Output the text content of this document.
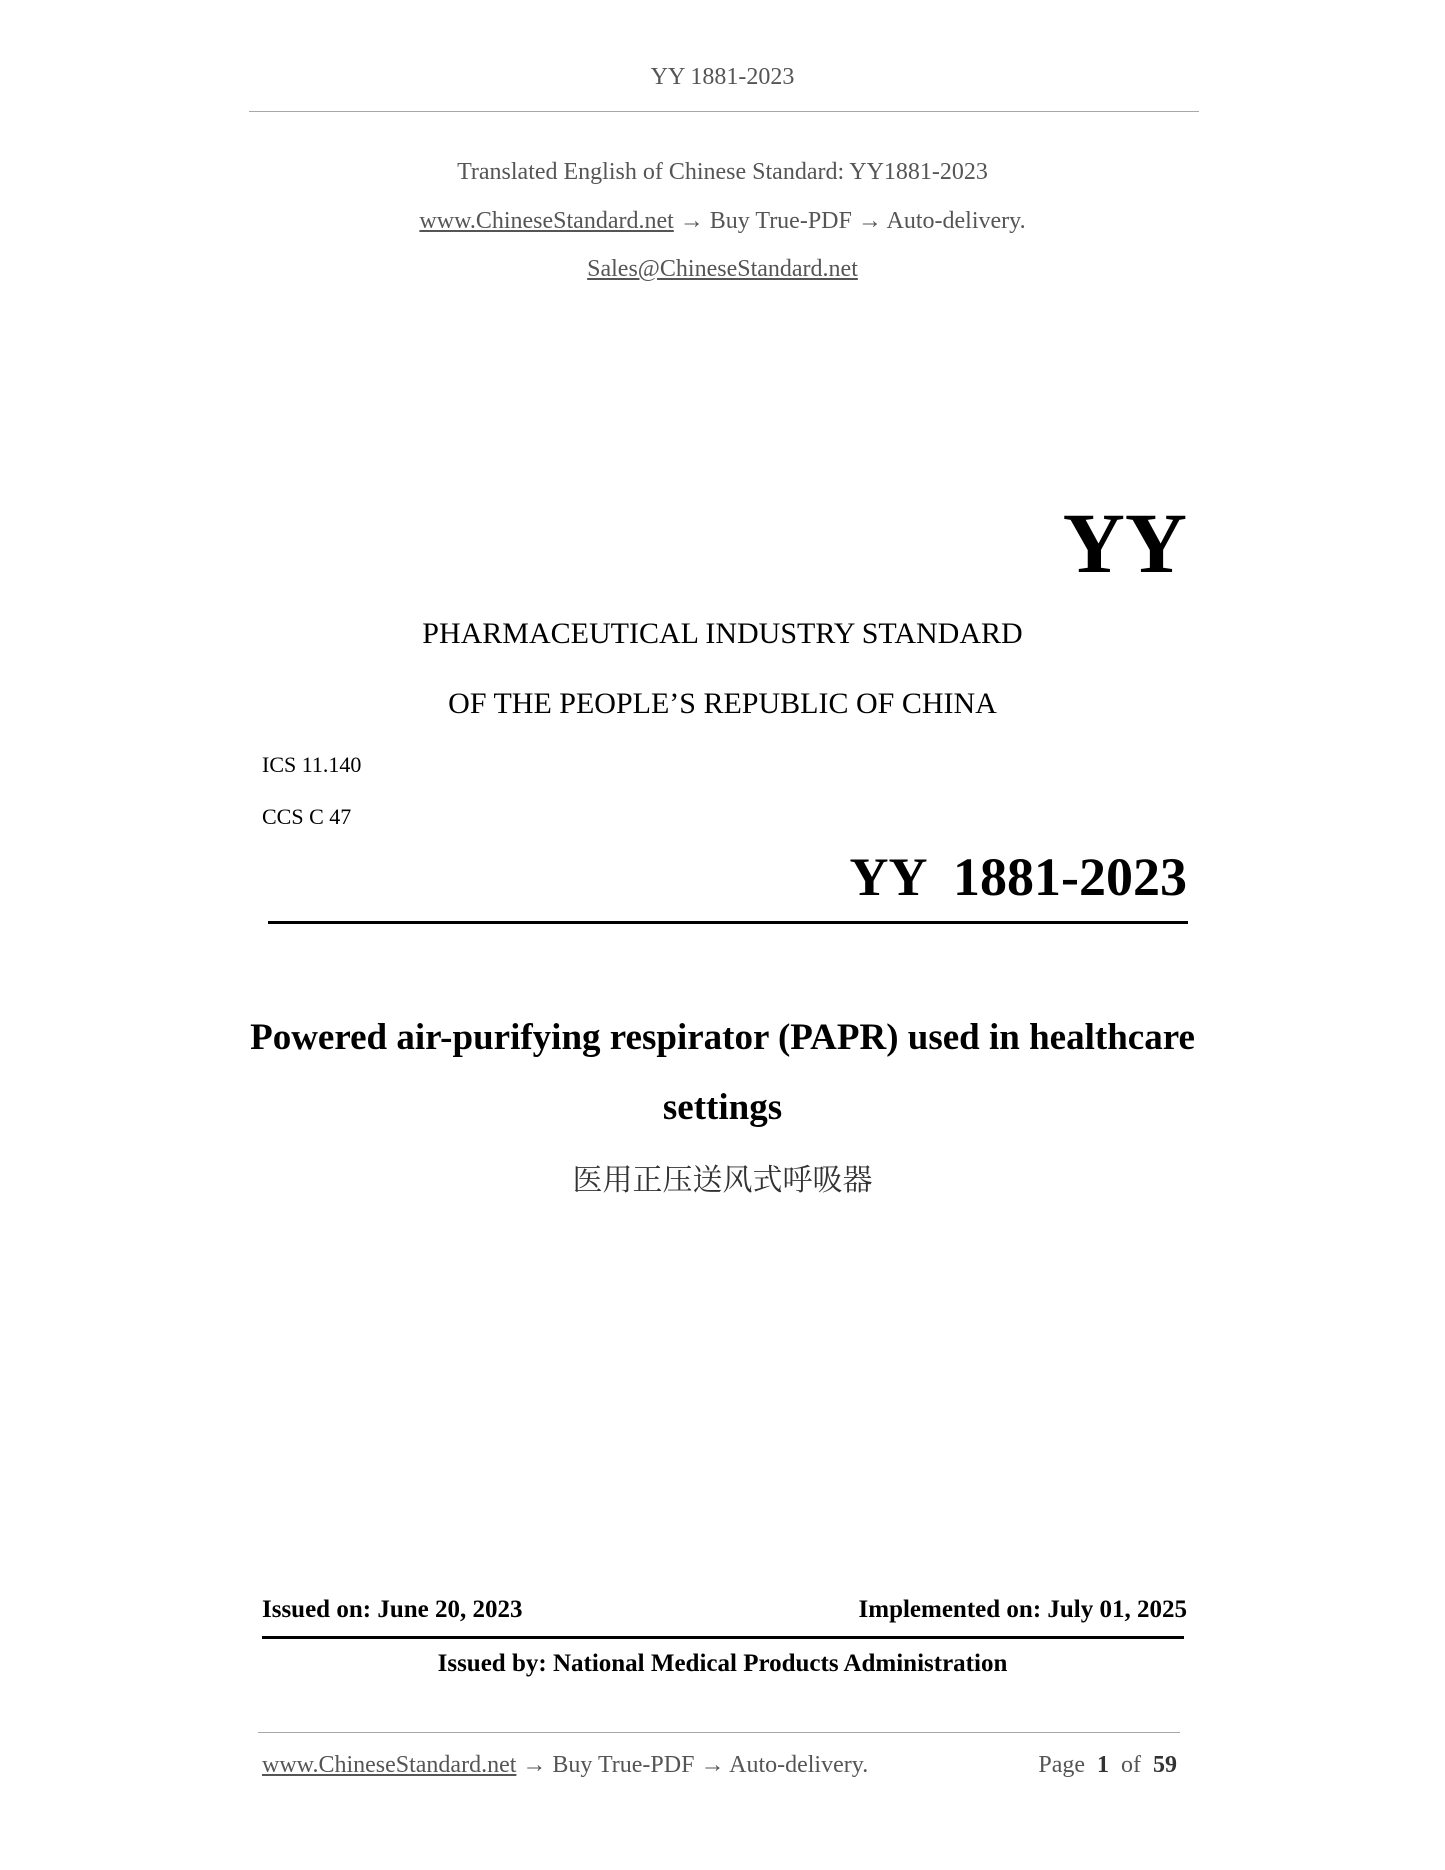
YY 1881-2023
Translated English of Chinese Standard: YY1881-2023
www.ChineseStandard.net → Buy True-PDF → Auto-delivery.
Sales@ChineseStandard.net
YY
PHARMACEUTICAL INDUSTRY STANDARD
OF THE PEOPLE’S REPUBLIC OF CHINA
ICS 11.140
CCS C 47
YY 1881-2023
Powered air-purifying respirator (PAPR) used in healthcare
settings
医用正压送风式呼吸器
Issued on: June 20, 2023	Implemented on: July 01, 2025
Issued by: National Medical Products Administration
www.ChineseStandard.net → Buy True-PDF → Auto-delivery.	Page 1 of 59
